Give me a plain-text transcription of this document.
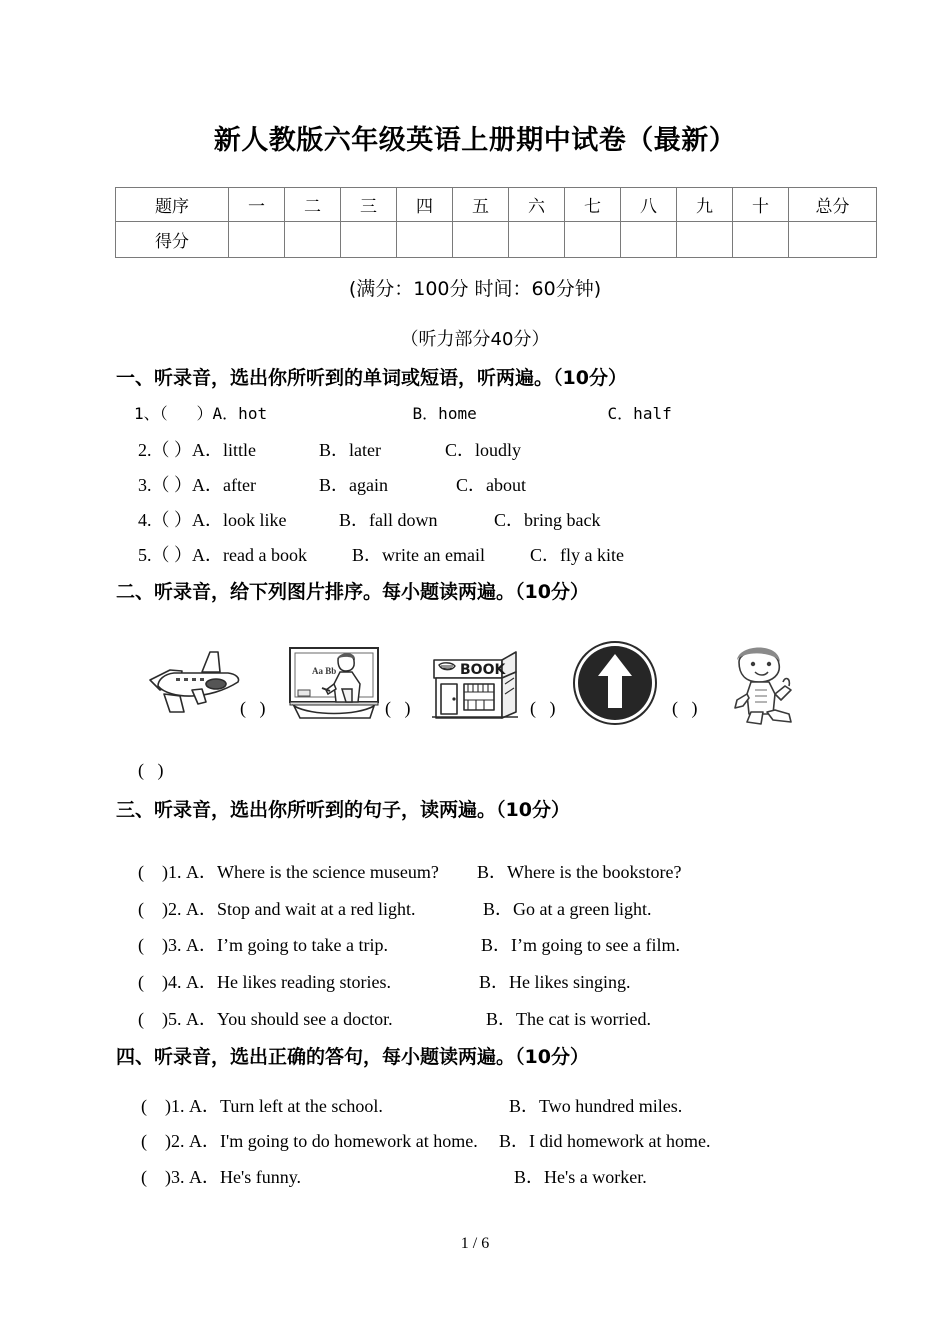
新人教版六年级英语上册期中试卷（最新）
题序	一	二	三	四	五	六	七	八	九	十	总分
得分											
(满分：100分 时间：60分钟)
（听力部分40分）
一、听录音，选出你所听到的单词或短语，听两遍。（10分）
1、（   ）A．hot	B．home	C．half
2.（ ）A．little	B．later	C．loudly
3.（ ）A．after	B．again	C．about
4.（ ）A．look like	B．fall down	C．bring back
5.（ ）A．read a book	B．write an email	C．fly a kite
二、听录音，给下列图片排序。每小题读两遍。（10分）
Aa Bb	BOOK
(   )	(   )	(   )	(   )
(   )
三、听录音，选出你所听到的句子，读两遍。（10分）
(    )1. A．Where is the science museum? B．Where is the bookstore?
(    )2. A．Stop and wait at a red light.	B．Go at a green light.
(    )3. A．I’m going to take a trip.	B．I’m going to see a film.
(    )4. A．He likes reading stories.	B．He likes singing.
(    )5. A．You should see a doctor.	B．The cat is worried.
四、听录音，选出正确的答句，每小题读两遍。（10分）
(    )1. A．Turn left at the school.	B．Two hundred miles.
(    )2. A．I'm going to do homework at home. B．I did homework at home.
(    )3. A．He's funny.	B．He's a worker.
1 / 6
